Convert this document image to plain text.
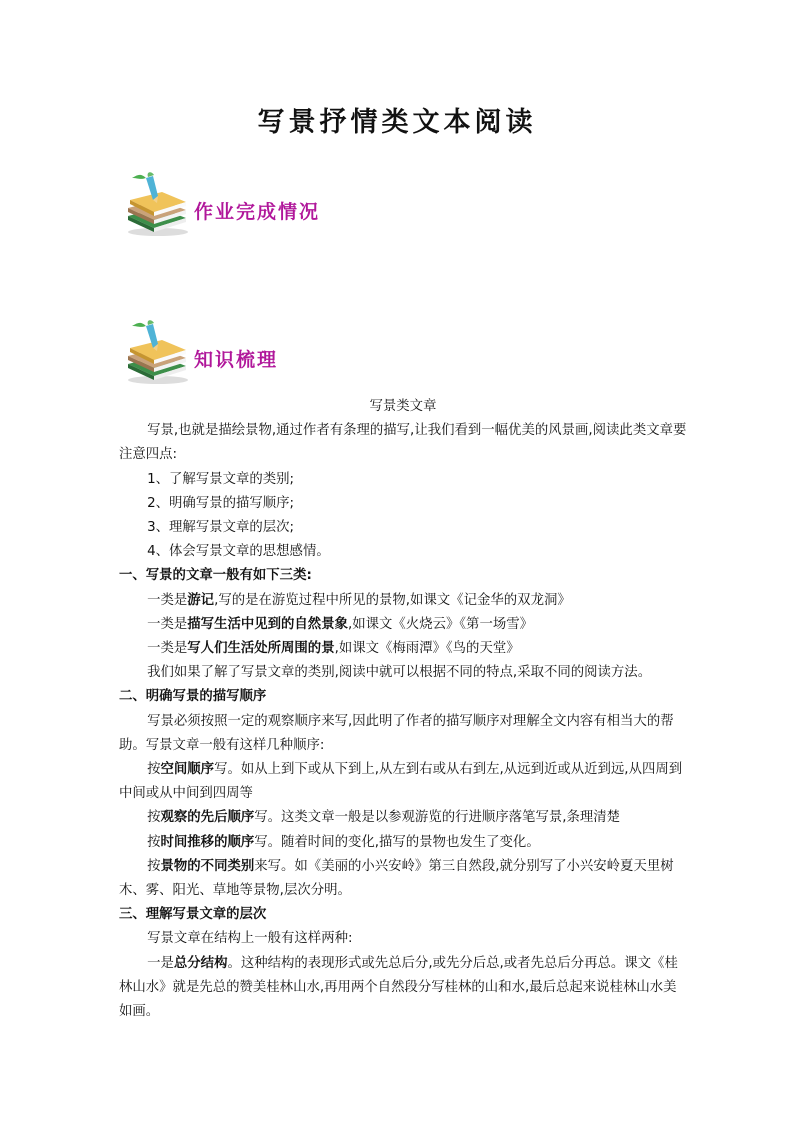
写景抒情类文本阅读
作业完成情况
知识梳理

写景类文章

写景,也就是描绘景物,通过作者有条理的描写,让我们看到一幅优美的风景画,阅读此类文章要注意四点:

1、了解写景文章的类别;

2、明确写景的描写顺序;

3、理解写景文章的层次;

4、体会写景文章的思想感情。

一、写景的文章一般有如下三类:

一类是游记,写的是在游览过程中所见的景物,如课文《记金华的双龙洞》

一类是描写生活中见到的自然景象,如课文《火烧云》《第一场雪》

一类是写人们生活处所周围的景,如课文《梅雨潭》《鸟的天堂》

我们如果了解了写景文章的类别,阅读中就可以根据不同的特点,采取不同的阅读方法。

二、明确写景的描写顺序

写景必须按照一定的观察顺序来写,因此明了作者的描写顺序对理解全文内容有相当大的帮助。写景文章一般有这样几种顺序:

按空间顺序写。如从上到下或从下到上,从左到右或从右到左,从远到近或从近到远,从四周到中间或从中间到四周等

按观察的先后顺序写。这类文章一般是以参观游览的行进顺序落笔写景,条理清楚

按时间推移的顺序写。随着时间的变化,描写的景物也发生了变化。

按景物的不同类别来写。如《美丽的小兴安岭》第三自然段,就分别写了小兴安岭夏天里树木、雾、阳光、草地等景物,层次分明。

三、理解写景文章的层次

写景文章在结构上一般有这样两种:

一是总分结构。这种结构的表现形式或先总后分,或先分后总,或者先总后分再总。课文《桂林山水》就是先总的赞美桂林山水,再用两个自然段分写桂林的山和水,最后总起来说桂林山水美如画。
